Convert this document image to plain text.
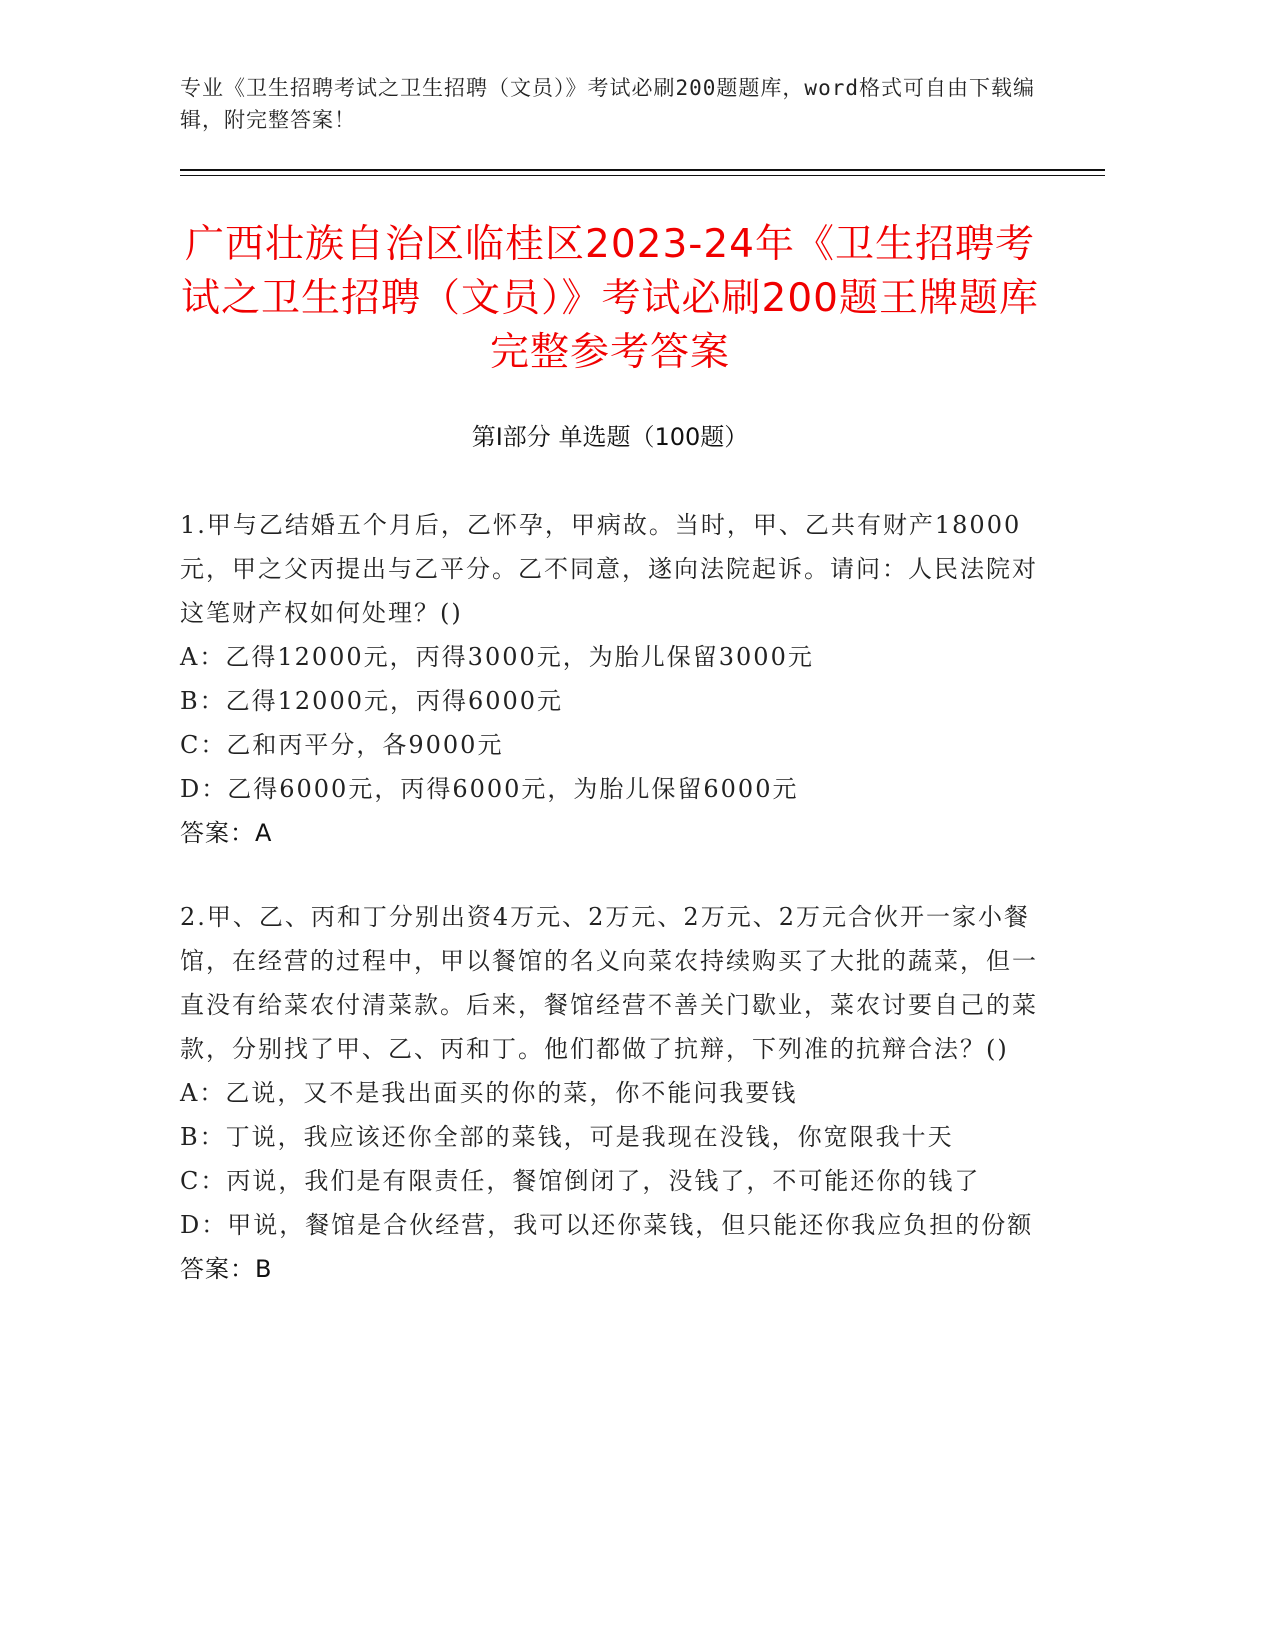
专业《卫生招聘考试之卫生招聘（文员）》考试必刷200题题库，word格式可自由下载编辑，附完整答案！
广西壮族自治区临桂区2023-24年《卫生招聘考试之卫生招聘（文员）》考试必刷200题王牌题库完整参考答案
第Ⅰ部分 单选题（100题）

1.甲与乙结婚五个月后，乙怀孕，甲病故。当时，甲、乙共有财产18000元，甲之父丙提出与乙平分。乙不同意，遂向法院起诉。请问：人民法院对这笔财产权如何处理？()

A：乙得12000元，丙得3000元，为胎儿保留3000元

B：乙得12000元，丙得6000元

C：乙和丙平分，各9000元

D：乙得6000元，丙得6000元，为胎儿保留6000元

答案：A

2.甲、乙、丙和丁分别出资4万元、2万元、2万元、2万元合伙开一家小餐馆，在经营的过程中，甲以餐馆的名义向菜农持续购买了大批的蔬菜，但一直没有给菜农付清菜款。后来，餐馆经营不善关门歇业，菜农讨要自己的菜款，分别找了甲、乙、丙和丁。他们都做了抗辩，下列准的抗辩合法？()

A：乙说，又不是我出面买的你的菜，你不能问我要钱

B：丁说，我应该还你全部的菜钱，可是我现在没钱，你宽限我十天

C：丙说，我们是有限责任，餐馆倒闭了，没钱了，不可能还你的钱了

D：甲说，餐馆是合伙经营，我可以还你菜钱，但只能还你我应负担的份额

答案：B
